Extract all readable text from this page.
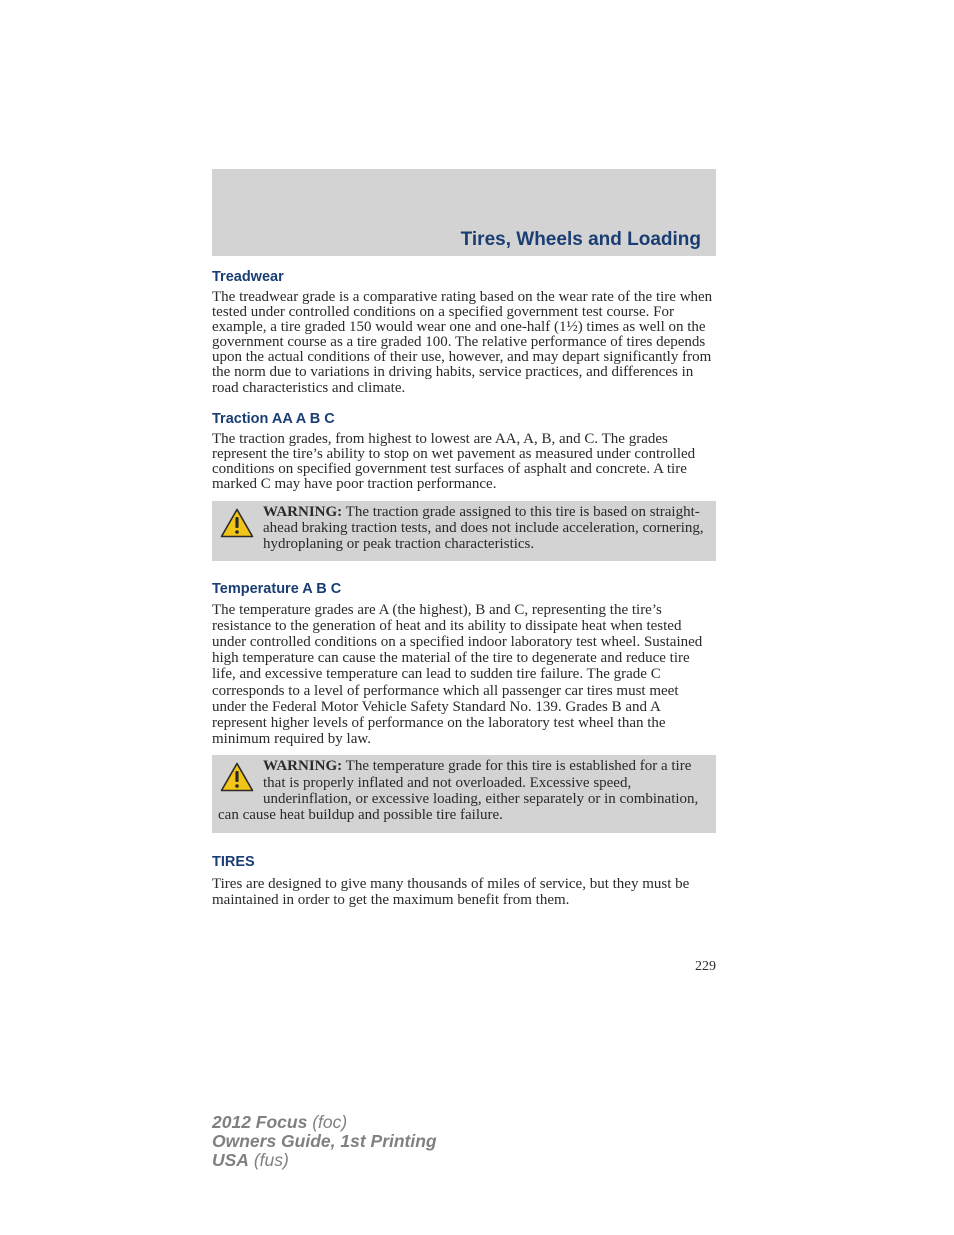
Tires, Wheels and Loading
Treadwear

The treadwear grade is a comparative rating based on the wear rate of the tire when tested under controlled conditions on a specified government test course. For example, a tire graded 150 would wear one and one-half (1½) times as well on the government course as a tire graded 100. The relative performance of tires depends upon the actual conditions of their use, however, and may depart significantly from the norm due to variations in driving habits, service practices, and differences in road characteristics and climate.

Traction AA A B C

The traction grades, from highest to lowest are AA, A, B, and C. The grades represent the tire’s ability to stop on wet pavement as measured under controlled conditions on specified government test surfaces of asphalt and concrete. A tire marked C may have poor traction performance.

WARNING: The traction grade assigned to this tire is based on straight-ahead braking traction tests, and does not include acceleration, cornering, hydroplaning or peak traction characteristics.
Temperature A B C

The temperature grades are A (the highest), B and C, representing the tire’s resistance to the generation of heat and its ability to dissipate heat when tested under controlled conditions on a specified indoor laboratory test wheel. Sustained high temperature can cause the material of the tire to degenerate and reduce tire life, and excessive temperature can lead to sudden tire failure. The grade C corresponds to a level of performance which all passenger car tires must meet under the Federal Motor Vehicle Safety Standard No. 139. Grades B and A represent higher levels of performance on the laboratory test wheel than the minimum required by law.

WARNING: The temperature grade for this tire is established for a tire that is properly inflated and not overloaded. Excessive speed, underinflation, or excessive loading, either separately or in combination, can cause heat buildup and possible tire failure.
TIRES

Tires are designed to give many thousands of miles of service, but they must be maintained in order to get the maximum benefit from them.

229
2012 Focus (foc)
Owners Guide, 1st Printing
USA (fus)
